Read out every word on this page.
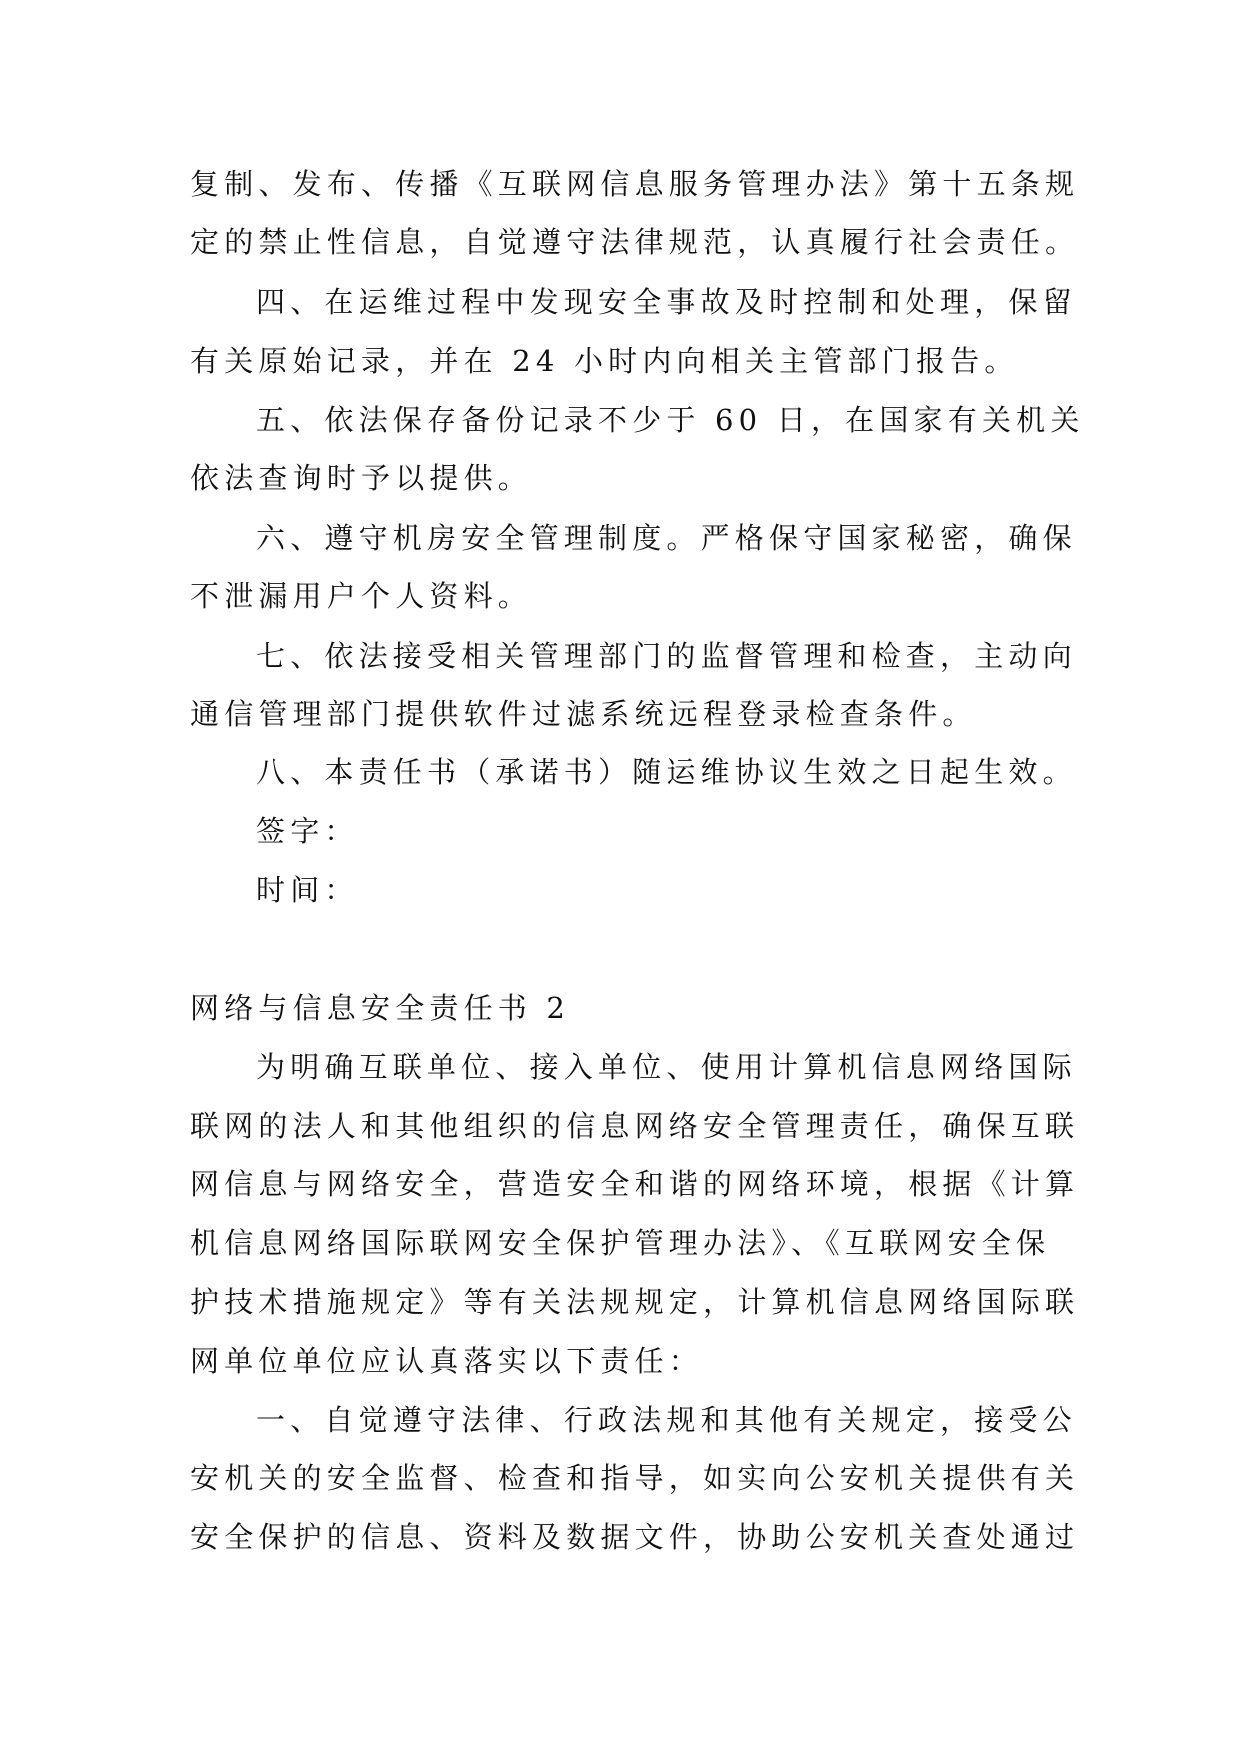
复制、发布、传播《互联网信息服务管理办法》第十五条规
定的禁止性信息，自觉遵守法律规范，认真履行社会责任。
四、在运维过程中发现安全事故及时控制和处理，保留
有关原始记录，并在 24 小时内向相关主管部门报告。
五、依法保存备份记录不少于 60 日，在国家有关机关
依法查询时予以提供。
六、遵守机房安全管理制度。严格保守国家秘密，确保
不泄漏用户个人资料。
七、依法接受相关管理部门的监督管理和检查，主动向
通信管理部门提供软件过滤系统远程登录检查条件。
八、本责任书（承诺书）随运维协议生效之日起生效。
签字：
时间：
网络与信息安全责任书 2
为明确互联单位、接入单位、使用计算机信息网络国际
联网的法人和其他组织的信息网络安全管理责任，确保互联
网信息与网络安全，营造安全和谐的网络环境，根据《计算
机信息网络国际联网安全保护管理办法》、《互联网安全保
护技术措施规定》等有关法规规定，计算机信息网络国际联
网单位单位应认真落实以下责任：
一、自觉遵守法律、行政法规和其他有关规定，接受公
安机关的安全监督、检查和指导，如实向公安机关提供有关
安全保护的信息、资料及数据文件，协助公安机关查处通过
